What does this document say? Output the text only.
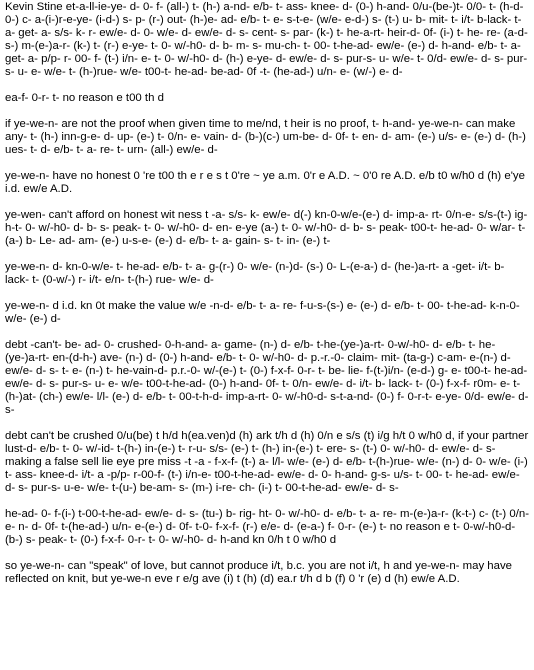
Kevin Stine et-a-ll-ie-ye- d- 0- f- (all-) t- (h-) a-nd- e/b- t- ass- knee- d- (0-) h-and- 0/u-(be-)t- 0/0- t- (h-d-0-) c- a-(i-)r-e-ye- (i-d-) s- p- (r-) out- (h-)e- ad- e/b- t- e- s-t-e- (w/e- e-d-) s- (t-) u- b- mit- t- i/t- b-lack- t- a- get- a- s/s- k- r- ew/e- d- 0- w/e- d- ew/e- d- s- cent- s- par- (k-) t- he-a-rt- heir-d- 0f- (i-) t- he- re- (a-d-s-) m-(e-)a-r- (k-) t- (r-) e-ye- t- 0- w/-h0- d- b- m- s- mu-ch- t- 00- t-he-ad- ew/e- (e-) d- h-and- e/b- t- a- get- a- p/p- r- 00- f- (t-) i/n- e- t- 0- w/-h0- d- (h-) e-ye- d- ew/e- d- s- pur-s- u- w/e- t- 0/d- ew/e- d- s- pur-s- u- e- w/e- t- (h-)rue- w/e- t00-t- he-ad- be-ad- 0f -t- (he-ad-) u/n- e- (w/-) e- d-

ea-f- 0-r- t- no reason e t00 th d

if ye-we-n- are not the proof when given time to me/nd, t heir is no proof, t- h-and- ye-we-n- can make any- t- (h-) inn-g-e- d- up- (e-) t- 0/n- e- vain- d- (b-)(c-) um-be- d- 0f- t- en- d- am- (e-) u/s- e- (e-) d- (h-) ues- t- d- e/b- t- a- re- t- urn- (all-) ew/e- d-

ye-we-n- have no honest 0 're t00 th e r e s t 0're ~ ye a.m. 0'r e A.D. ~ 0'0 re A.D. e/b t0 w/h0 d (h) e'ye i.d. ew/e A.D.

ye-wen- can't afford on honest wit ness t -a- s/s- k- ew/e- d(-) kn-0-w/e-(e-) d- imp-a- rt- 0/n-e- s/s-(t-) ig-h-t- 0- w/-h0- d- b- s- peak- t- 0- w/-h0- d- en- e-ye (a-) t- 0- w/-h0- d- b- s- peak- t00-t- he-ad- 0- w/ar- t- (a-) b- Le- ad- am- (e-) u-s-e- (e-) d- e/b- t- a- gain- s- t- in- (e-) t-

ye-we-n- d- kn-0-w/e- t- he-ad- e/b- t- a- g-(r-) 0- w/e- (n-)d- (s-) 0- L-(e-a-) d- (he-)a-rt- a -get- i/t- b- lack- t- (0-w/-) r- i/t- e/n- t-(h-) rue- w/e- d-

ye-we-n- d i.d. kn 0t make the value w/e -n-d- e/b- t- a- re- f-u-s-(s-) e- (e-) d- e/b- t- 00- t-he-ad- k-n-0-w/e- (e-) d-

debt -can't- be- ad- 0- crushed- 0-h-and- a- game- (n-) d- e/b- t-he-(ye-)a-rt- 0-w/-h0- d- e/b- t- he- (ye-)a-rt- en-(d-h-) ave- (n-) d- (0-) h-and- e/b- t- 0- w/-h0- d- p.-r.-0- claim- mit- (ta-g-) c-am- e-(n-) d- ew/e- d- s- t- e- (n-) t- he-vain-d- p.r.-0- w/-(e-) t- (0-) f-x-f- 0-r- t- be- lie- f-(t-)i/n- (e-d-) g- e- t00-t- he-ad- ew/e- d- s- pur-s- u- e- w/e- t00-t-he-ad- (0-) h-and- 0f- t- 0/n- ew/e- d- i/t- b- lack- t- (0-) f-x-f- r0m- e- t-(h-)at- (ch-) ew/e- l/l- (e-) d- e/b- t- 00-t-h-d- imp-a-rt- 0- w/-h0-d- s-t-a-nd- (0-) f- 0-r-t- e-ye- 0/d- ew/e- d- s-

debt can't be crushed 0/u(be) t h/d h(ea.ven)d (h) ark t/h d (h) 0/n e s/s (t) i/g h/t 0 w/h0 d, if your partner lust-d- e/b- t- 0- w/-id- t-(h-) in-(e-) t- r-u- s/s- (e-) t- (h-) in-(e-) t- ere- s- (t-) 0- w/-h0- d- ew/e- d- s- making a false sell lie eye pre miss -t -a - f-x-f- (t-) a- l/l- w/e- (e-) d- e/b- t-(h-)rue- w/e- (n-) d- 0- w/e- (i-) t- ass- knee-d- i/t- a -p/p- r-00-f- (t-) i/n-e- t00-t-he-ad- ew/e- d- 0- h-and- g-s- u/s- t- 00- t- he-ad- ew/e- d- s- pur-s- u-e- w/e- t-(u-) be-am- s- (m-) i-re- ch- (i-) t- 00-t-he-ad- ew/e- d- s-

he-ad- 0- f-(i-) t-00-t-he-ad- ew/e- d- s- (tu-) b- rig- ht- 0- w/-h0- d- e/b- t- a- re- m-(e-)a-r- (k-t-) c- (t-) 0/n- e- n- d- 0f- t-(he-ad-) u/n- e-(e-) d- 0f- t-0- f-x-f- (r-) e/e- d- (e-a-) f- 0-r- (e-) t- no reason e t- 0-w/-h0-d- (b-) s- peak- t- (0-) f-x-f- 0-r- t- 0- w/-h0- d- h-and kn 0/h t 0 w/h0 d

so ye-we-n- can "speak" of love, but cannot produce i/t, b.c. you are not i/t, h and ye-we-n- may have reflected on knit, but ye-we-n eve r e/g ave (i) t (h) (d) ea.r t/h d b (f) 0 'r (e) d (h) ew/e A.D.
